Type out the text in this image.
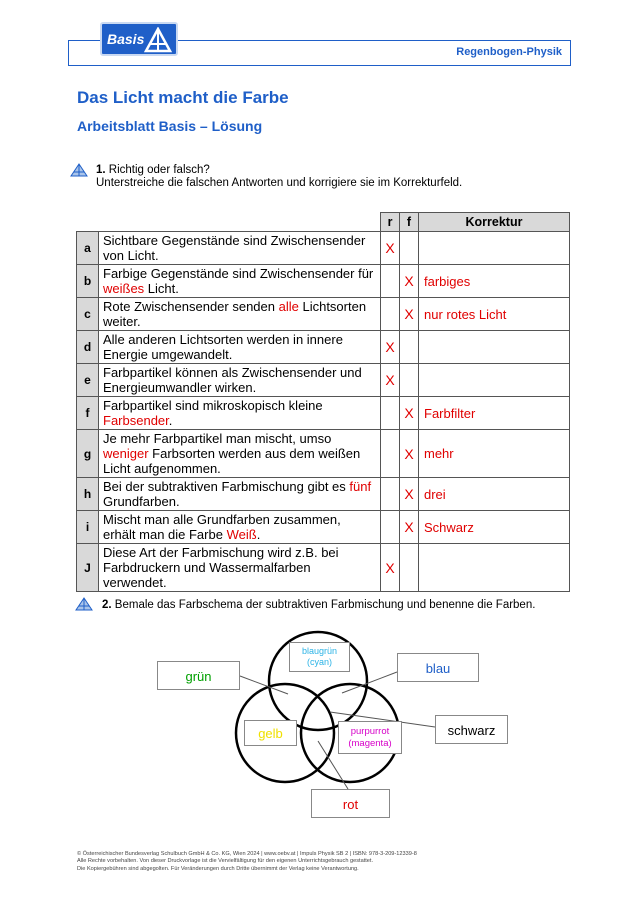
Regenbogen-Physik
Basis
Das Licht macht die Farbe
Arbeitsblatt Basis – Lösung
1. Richtig oder falsch?
Unterstreiche die falschen Antworten und korrigiere sie im Korrekturfeld.
		r	f	Korrektur
a	Sichtbare Gegenstände sind Zwischensender von Licht.	X		
b	Farbige Gegenstände sind Zwischensender für weißes Licht.		X	farbiges
c	Rote Zwischensender senden alle Lichtsorten weiter.		X	nur rotes Licht
d	Alle anderen Lichtsorten werden in innere Energie umgewandelt.	X		
e	Farbpartikel können als Zwischensender und Energieumwandler wirken.	X		
f	Farbpartikel sind mikroskopisch kleine Farbsender.		X	Farbfilter
g	Je mehr Farbpartikel man mischt, umso weniger Farbsorten werden aus dem weißen Licht aufgenommen.		X	mehr
h	Bei der subtraktiven Farbmischung gibt es fünf Grundfarben.		X	drei
i	Mischt man alle Grundfarben zusammen, erhält man die Farbe Weiß.		X	Schwarz
J	Diese Art der Farbmischung wird z.B. bei Farbdruckern und Wassermalfarben verwendet.	X		
2. Bemale das Farbschema der subtraktiven Farbmischung und benenne die Farben.
grün
blau
blaugrün
(cyan)
gelb	purpurrot
(magenta)
schwarz
rot
© Österreichischer Bundesverlag Schulbuch GmbH & Co. KG, Wien 2024 | www.oebv.at | Impuls Physik SB 2 | ISBN: 978-3-209-12339-8
Alle Rechte vorbehalten. Von dieser Druckvorlage ist die Vervielfältigung für den eigenen Unterrichtsgebrauch gestattet.
Die Kopiergebühren sind abgegolten. Für Veränderungen durch Dritte übernimmt der Verlag keine Verantwortung.
